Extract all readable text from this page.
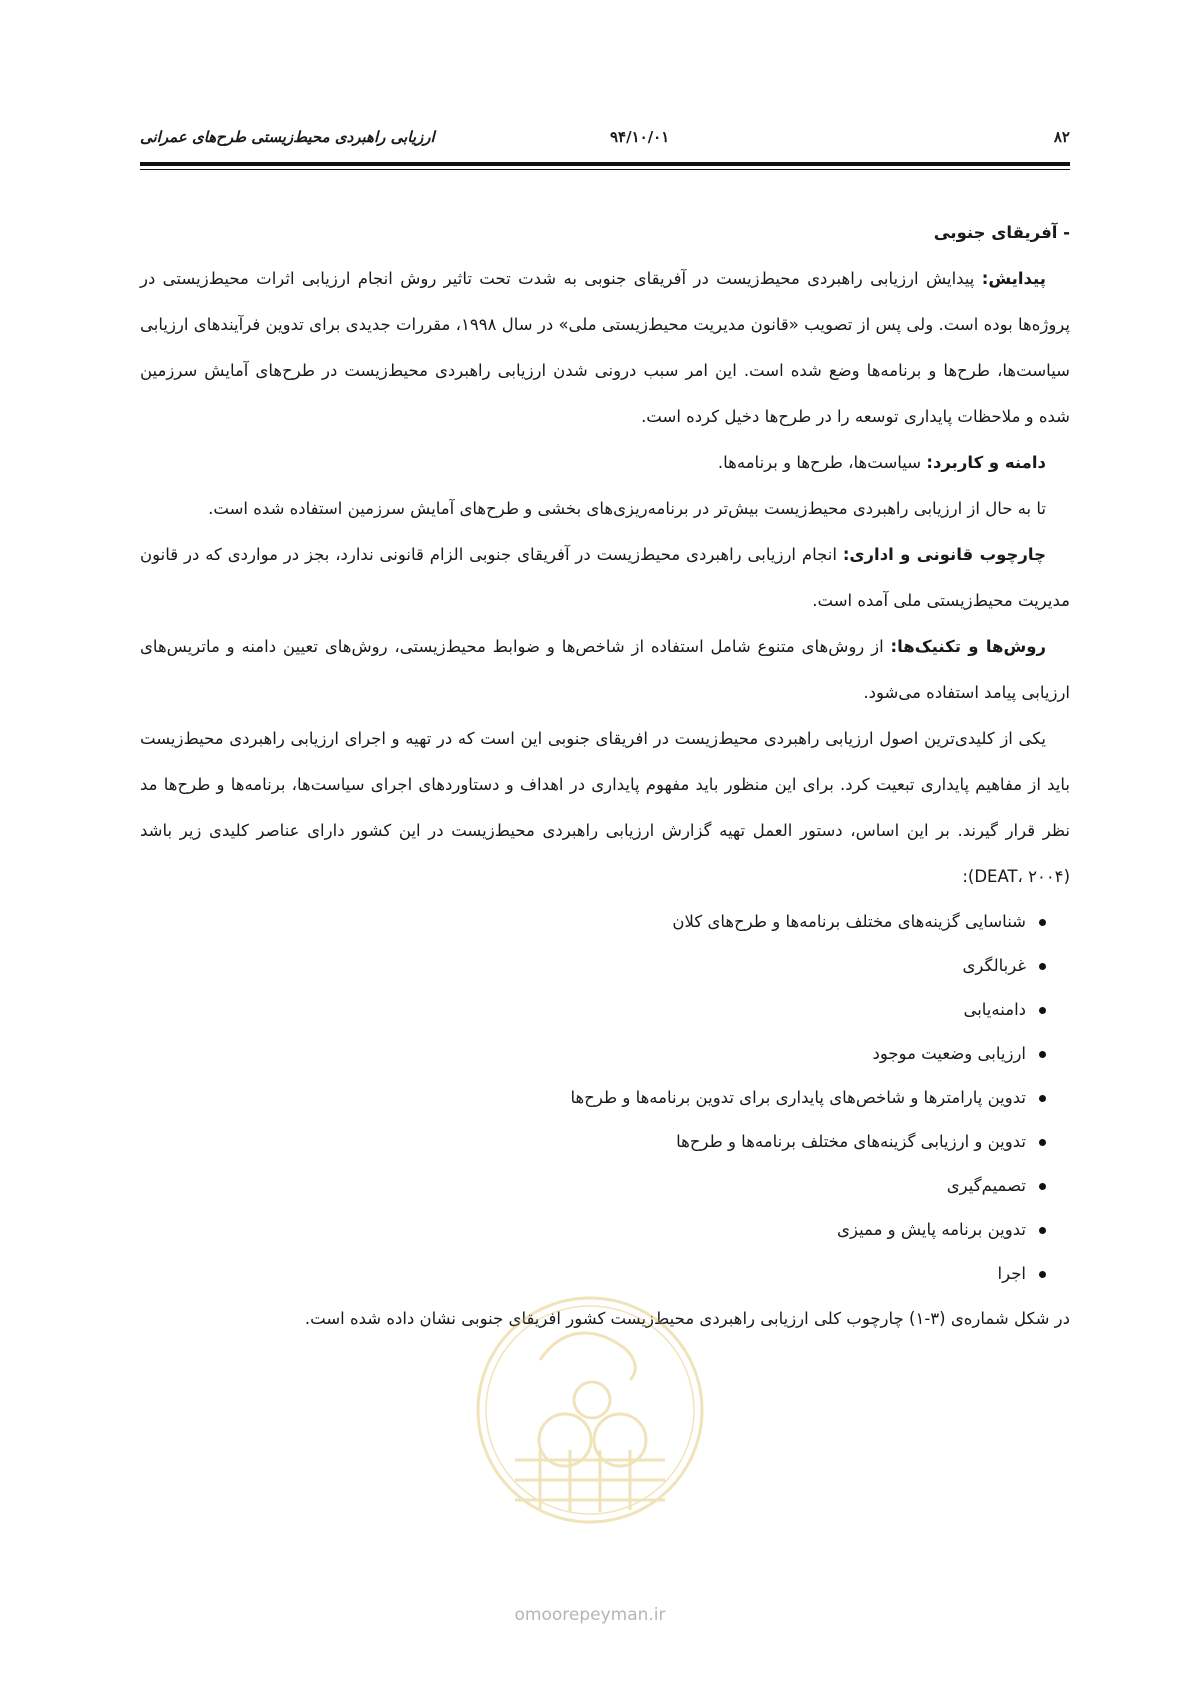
۸۲
۹۴/۱۰/۰۱
ارزیابی راهبردی محیط‌زیستی طرح‌های عمرانی

- آفریقای جنوبی

پیدایش: پیدایش ارزیابی راهبردی محیط‌زیست در آفریقای جنوبی به شدت تحت تاثیر روش انجام ارزیابی اثرات محیط‌زیستی در پروژه‌ها بوده است. ولی پس از تصویب «قانون مدیریت محیط‌زیستی ملی» در سال ۱۹۹۸، مقررات جدیدی برای تدوین فرآیندهای ارزیابی سیاست‌ها، طرح‌ها و برنامه‌ها وضع شده است. این امر سبب درونی شدن ارزیابی راهبردی محیط‌زیست در طرح‌های آمایش سرزمین شده و ملاحظات پایداری توسعه را در طرح‌ها دخیل کرده است.

دامنه و کاربرد: سیاست‌ها، طرح‌ها و برنامه‌ها.

تا به حال از ارزیابی راهبردی محیط‌زیست بیش‌تر در برنامه‌ریزی‌های بخشی و طرح‌های آمایش سرزمین استفاده شده است.

چارچوب قانونی و اداری: انجام ارزیابی راهبردی محیط‌زیست در آفریقای جنوبی الزام قانونی ندارد، بجز در مواردی که در قانون مدیریت محیط‌زیستی ملی آمده است.

روش‌ها و تکنیک‌ها: از روش‌های متنوع شامل استفاده از شاخص‌ها و ضوابط محیط‌زیستی، روش‌های تعیین دامنه و ماتریس‌های ارزیابی پیامد استفاده می‌شود.

یکی از کلیدی‌ترین اصول ارزیابی راهبردی محیط‌زیست در افریقای جنوبی این است که در تهیه و اجرای ارزیابی راهبردی محیط‌زیست باید از مفاهیم پایداری تبعیت کرد. برای این منظور باید مفهوم پایداری در اهداف و دستاوردهای اجرای سیاست‌ها، برنامه‌ها و طرح‌ها مد نظر قرار گیرند. بر این اساس، دستور العمل تهیه گزارش ارزیابی راهبردی محیط‌زیست در این کشور دارای عناصر کلیدی زیر باشد (DEAT، ۲۰۰۴):

شناسایی گزینه‌های مختلف برنامه‌ها و طرح‌های کلان
غربالگری
دامنه‌یابی
ارزیابی وضعیت موجود
تدوین پارامترها و شاخص‌های پایداری برای تدوین برنامه‌ها و طرح‌ها
تدوین و ارزیابی گزینه‌های مختلف برنامه‌ها و طرح‌ها
تصمیم‌گیری
تدوین برنامه پایش و ممیزی
اجرا

در شکل شماره‌ی (۳-۱) چارچوب کلی ارزیابی راهبردی محیط‌زیست کشور افریقای جنوبی نشان داده شده است.

omoorepeyman.ir
